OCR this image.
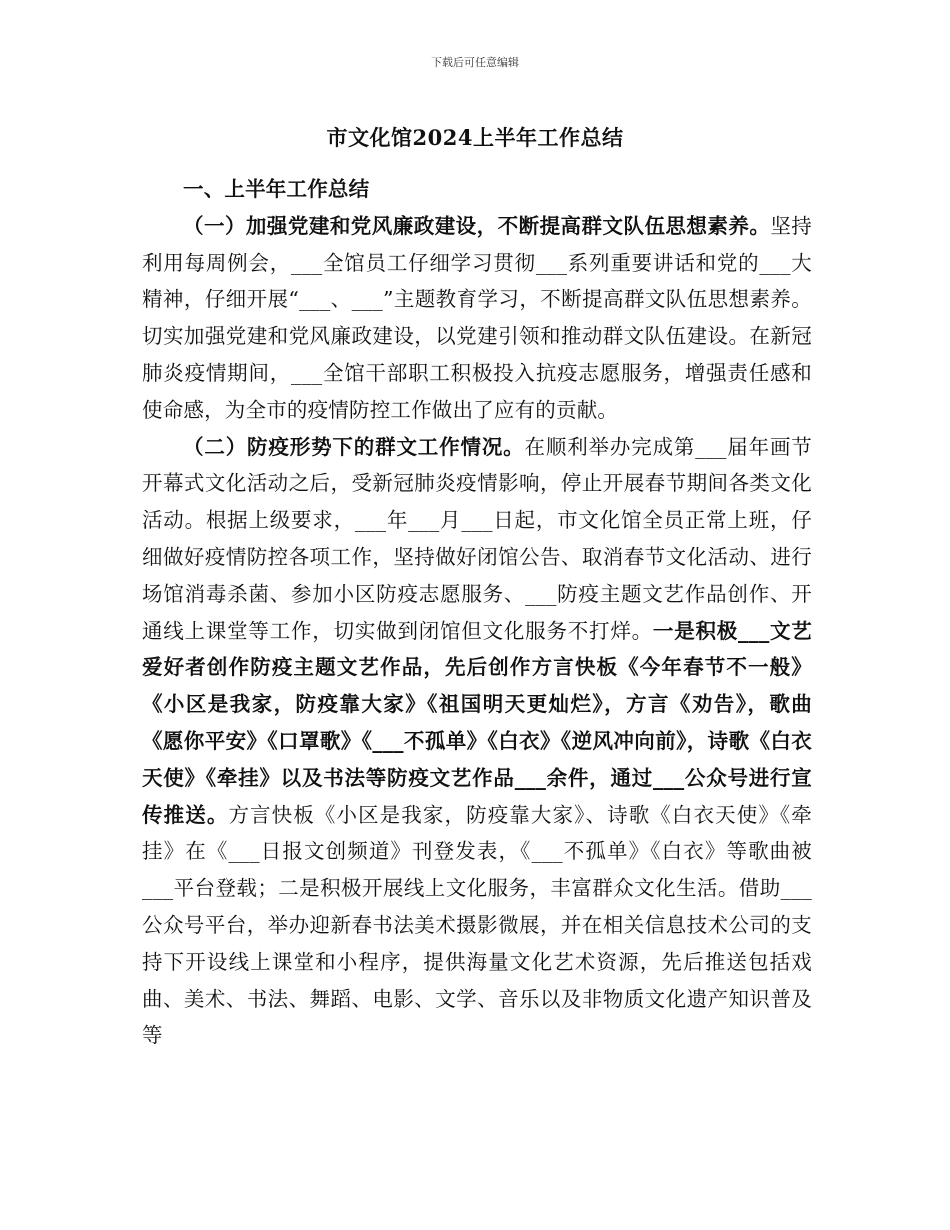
下载后可任意编辑
市文化馆2024上半年工作总结

一、上半年工作总结

（一）加强党建和党风廉政建设，不断提高群文队伍思想素养。坚持利用每周例会，___全馆员工仔细学习贯彻___系列重要讲话和党的___大精神，仔细开展“___、___”主题教育学习，不断提高群文队伍思想素养。切实加强党建和党风廉政建设，以党建引领和推动群文队伍建设。在新冠肺炎疫情期间，___全馆干部职工积极投入抗疫志愿服务，增强责任感和使命感，为全市的疫情防控工作做出了应有的贡献。

（二）防疫形势下的群文工作情况。在顺利举办完成第___届年画节开幕式文化活动之后，受新冠肺炎疫情影响，停止开展春节期间各类文化活动。根据上级要求，___年___月___日起，市文化馆全员正常上班，仔细做好疫情防控各项工作，坚持做好闭馆公告、取消春节文化活动、进行场馆消毒杀菌、参加小区防疫志愿服务、___防疫主题文艺作品创作、开通线上课堂等工作，切实做到闭馆但文化服务不打烊。一是积极___文艺爱好者创作防疫主题文艺作品，先后创作方言快板《今年春节不一般》《小区是我家，防疫靠大家》《祖国明天更灿烂》，方言《劝告》，歌曲《愿你平安》《口罩歌》《___不孤单》《白衣》《逆风冲向前》，诗歌《白衣天使》《牵挂》以及书法等防疫文艺作品___余件，通过___公众号进行宣传推送。方言快板《小区是我家，防疫靠大家》、诗歌《白衣天使》《牵挂》在《___日报文创频道》刊登发表，《___不孤单》《白衣》等歌曲被___平台登载；二是积极开展线上文化服务，丰富群众文化生活。借助___公众号平台，举办迎新春书法美术摄影微展，并在相关信息技术公司的支持下开设线上课堂和小程序，提供海量文化艺术资源，先后推送包括戏曲、美术、书法、舞蹈、电影、文学、音乐以及非物质文化遗产知识普及等
